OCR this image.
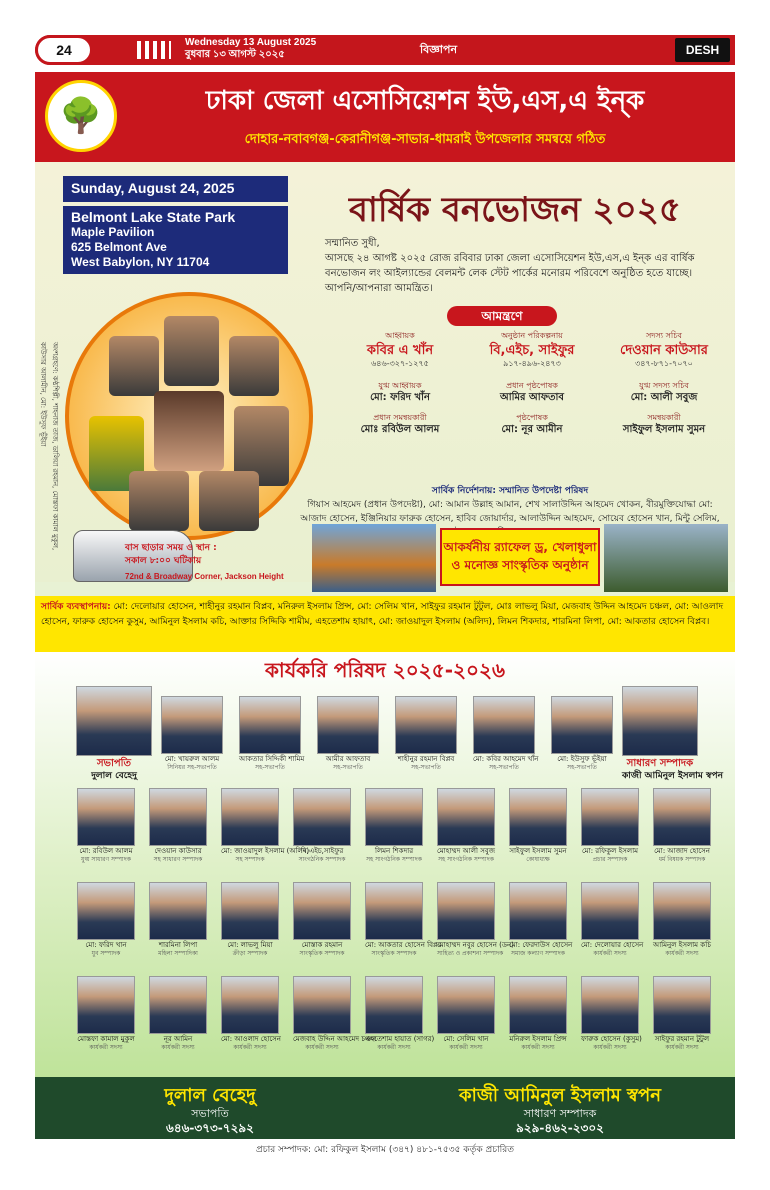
24	Wednesday 13 August 2025
বুধবার ১৩ আগস্ট ২০২৫	বিজ্ঞাপন	DESH
🌳	ঢাকা জেলা এসোসিয়েশন ইউ,এস,এ ইন্ক
দোহার-নবাবগঞ্জ-কেরানীগঞ্জ-সাভার-ধামরাই উপজেলার সমন্বয়ে গঠিত
Sunday, August 24, 2025
Belmont Lake State Park
Maple Pavilion
625 Belmont Ave
West Babylon, NY 11704
বার্ষিক বনভোজন ২০২৫
সম্মানিত সুধী,
আসছে ২৪ আগষ্ট ২০২৫ রোজ রবিবার ঢাকা জেলা এসোসিয়েশন ইউ,এস,এ ইন্ক এর বার্ষিক বনভোজন লং আইল্যান্ডের বেলমন্ট লেক স্টেট পার্কের মনোরম পরিবেশে অনুষ্ঠিত হতে যাচ্ছে। আপনি/আপনারা আমন্ত্রিত।
অংশগ্রহণে: কণ্ঠশিল্পী, শাহনাজ তাজ, ডালিয়া রহমান, মোস্তফা কামাল মুকুল, কাউসার আলামীন, মো: ইউসুফ ভূঁইয়া
আমন্ত্রণে
আহ্বায়ক
কবির এ খাঁন
৬৪৬-৩২৭-১২৭৫
অনুষ্ঠান পরিকল্পনায়
বি,এইচ, সাইফুর
৯১৭-৪৯৬-২৪৭৩
সদস্য সচিব
দেওয়ান কাউসার
৩৪৭-৮৭১-৭০৭০
যুগ্ম আহ্বায়ক
মো: ফরিদ খাঁন
প্রধান পৃষ্ঠপোষক
আমির আফতাব
যুগ্ম সদস্য সচিব
মো: আলী সবুজ
প্রধান সমন্বয়কারী
মোঃ রবিউল আলম
পৃষ্ঠপোষক
মো: নূর আমীন
সমন্বয়কারী
সাইফুল ইসলাম সুমন
সার্বিক নির্দেশনায়: সম্মানিত উপদেষ্টা পরিষদ
গিয়াস আহমেদ (প্রধান উপদেষ্টা), মো: আমান উল্লাহ আমান, শেখ সালাউদ্দিন আহমেদ খোকন, বীরমুক্তিযোদ্ধা মো: আজাদ হোসেন, ইঞ্জিনিয়ার ফারুক হোসেন, হাবিব জোয়ার্দার, আলাউদ্দিন আহমেদ, সোয়েব হোসেন খান, মিন্টু সেলিম,
বাস ছাড়ার সময় ও স্থান :
সকাল ৮:০০ ঘটিকায়
72nd & Broadway Corner, Jackson Height
আকর্ষনীয় র‍্যাফেল ড্র, খেলাধুলা
ও মনোজ্ঞ সাংস্কৃতিক অনুষ্ঠান
সার্বিক ব্যবস্থাপনায়: মো: দেলোয়ার হোসেন, শাহীনুর রহমান বিপ্লব, মনিরুল ইসলাম প্রিন্স, মো: সেলিম খান, সাইফুর রহমান টুটুল, মোঃ লাভলু মিয়া, মেজবাহ উদ্দিন আহমেদ চঞ্চল, মো: আওলাদ হোসেন, ফারুক হোসেন কুসুম, আমিনুল ইসলাম কচি, আক্তার সিদ্দিকি শামীম, এহতেশাম হায়াৎ, মো: জাওয়াদুল ইসলাম (অলিদ), লিমন শিকদার, শারমিনা লিপা, মো: আকতার হোসেন বিপ্লব।
কার্যকরি পরিষদ ২০২৫-২০২৬
সভাপতি
দুলাল বেহেদু
মো: খায়রুল আলম
সিনিয়র সহ-সভাপতি
আকতার সিদ্দিকী শামিম
সহ-সভাপতি
আমীর আফতাব
সহ-সভাপতি
শাহীনুর রহমান বিপ্লব
সহ-সভাপতি
মো: কবির আহমেদ খাঁন
সহ-সভাপতি
মো: ইউসুফ ভূঁইয়া
সহ-সভাপতি	সাধারণ সম্পাদক
কাজী আমিনুল ইসলাম স্বপন
মো: রবিউল আলম
যুগ্ম সাধারণ সম্পাদক
দেওয়ান কাউসার
সহ সাধারণ সম্পাদক
মো: জাওয়াদুল ইসলাম (অলিদ)
সহ সম্পাদক
বি,এইচ,সাইফুর
সাংগঠনিক সম্পাদক
লিমন শিকদার
সহ সাংগঠনিক সম্পাদক
মোহাম্মদ আলী সবুজ
সহ সাংগঠনিক সম্পাদক
সাইফুল ইসলাম সুমন
কোষাধ্যক্ষ
মো: রফিকুল ইসলাম
প্রচার সম্পাদক
মো: আজাদ হোসেন
ধর্ম বিষয়ক সম্পাদক
মো: ফরিদ খান
যুব সম্পাদক
শারমিনা লিপা
মহিলা সম্পাদিকা
মো: লাভলু মিয়া
ক্রীড়া সম্পাদক
মোস্তাক রহমান
সাংস্কৃতিক সম্পাদক
মো: আকতার হোসেন বিপ্লব
সাংস্কৃতিক সম্পাদক
মোহাম্মদ নবুর হোসেন (ডন)
সাহিত্য ও প্রকাশনা সম্পাদক
মো: ফেরদাউস হোসেন
সমাজ কল্যাণ সম্পাদক
মো: দেলোয়ার হোসেন
কার্যকরী সদস্য
আমিনুল ইসলাম কচি
কার্যকরী সদস্য
মোস্তফা কামাল মুকুল
কার্যকরী সদস্য
নূর আমিন
কার্যকরী সদস্য
মো: আওলাদ হোসেন
কার্যকরী সদস্য
মেজবাহ উদ্দিন আহমেদ চঞ্চল
কার্যকরী সদস্য
এহতেশাম হায়াত (সাগর)
কার্যকরী সদস্য
মো: সেলিম খান
কার্যকরী সদস্য
মনিরুল ইসলাম প্রিন্স
কার্যকরী সদস্য
ফারুক হোসেন (কুসুম)
কার্যকরী সদস্য
সাইফুর রহমান টুটুল
কার্যকরী সদস্য
দুলাল বেহেদু
সভাপতি
৬৪৬-৩৭৩-৭২৯২
কাজী আমিনুল ইসলাম স্বপন
সাধারণ সম্পাদক
৯২৯-৪৬২-২৩০২
প্রচার সম্পাদক: মো: রফিকুল ইসলাম (৩৪৭) ৪৮১-৭৫৩৫ কর্তৃক প্রচারিত
